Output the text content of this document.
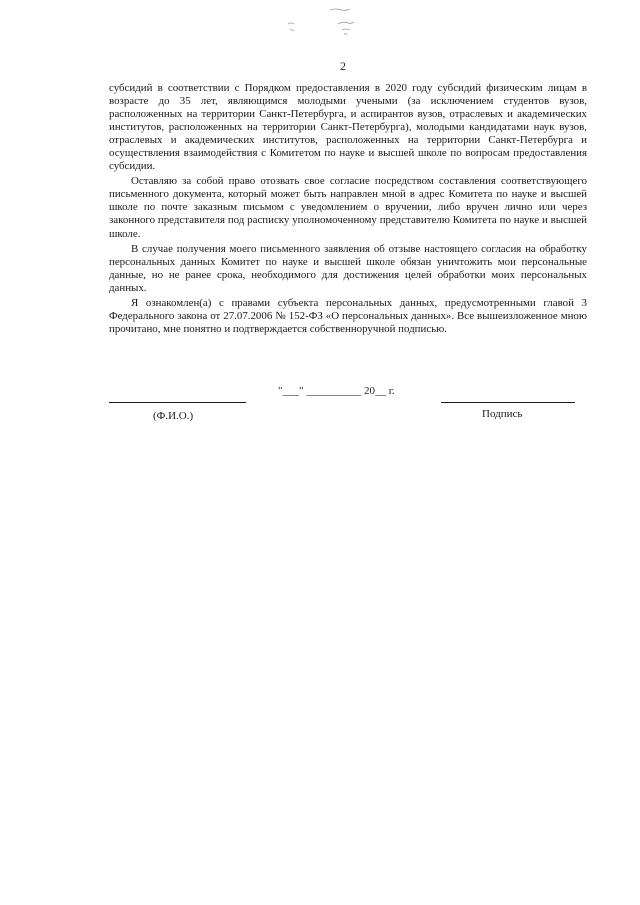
2

субсидий в соответствии с Порядком предоставления в 2020 году субсидий физическим лицам в возрасте до 35 лет, являющимся молодыми учеными (за исключением студентов вузов, расположенных на территории Санкт-Петербурга, и аспирантов вузов, отраслевых и академических институтов, расположенных на территории Санкт-Петербурга), молодыми кандидатами наук вузов, отраслевых и академических институтов, расположенных на территории Санкт-Петербурга и осуществления взаимодействия с Комитетом по науке и высшей школе по вопросам предоставления субсидии.

Оставляю за собой право отозвать свое согласие посредством составления соответствующего письменного документа, который может быть направлен мной в адрес Комитета по науке и высшей школе по почте заказным письмом с уведомлением о вручении, либо вручен лично или через законного представителя под расписку уполномоченному представителю Комитета по науке и высшей школе.

В случае получения моего письменного заявления об отзыве настоящего согласия на обработку персональных данных Комитет по науке и высшей школе обязан уничтожить мои персональные данные, но не ранее срока, необходимого для достижения целей обработки моих персональных данных.

Я ознакомлен(а) с правами субъекта персональных данных, предусмотренными главой 3 Федерального закона от 27.07.2006 № 152-ФЗ «О персональных данных». Все вышеизложенное мною прочитано, мне понятно и подтверждается собственноручной подписью.

"___" __________ 20__ г.
(Ф.И.О.)	Подпись
